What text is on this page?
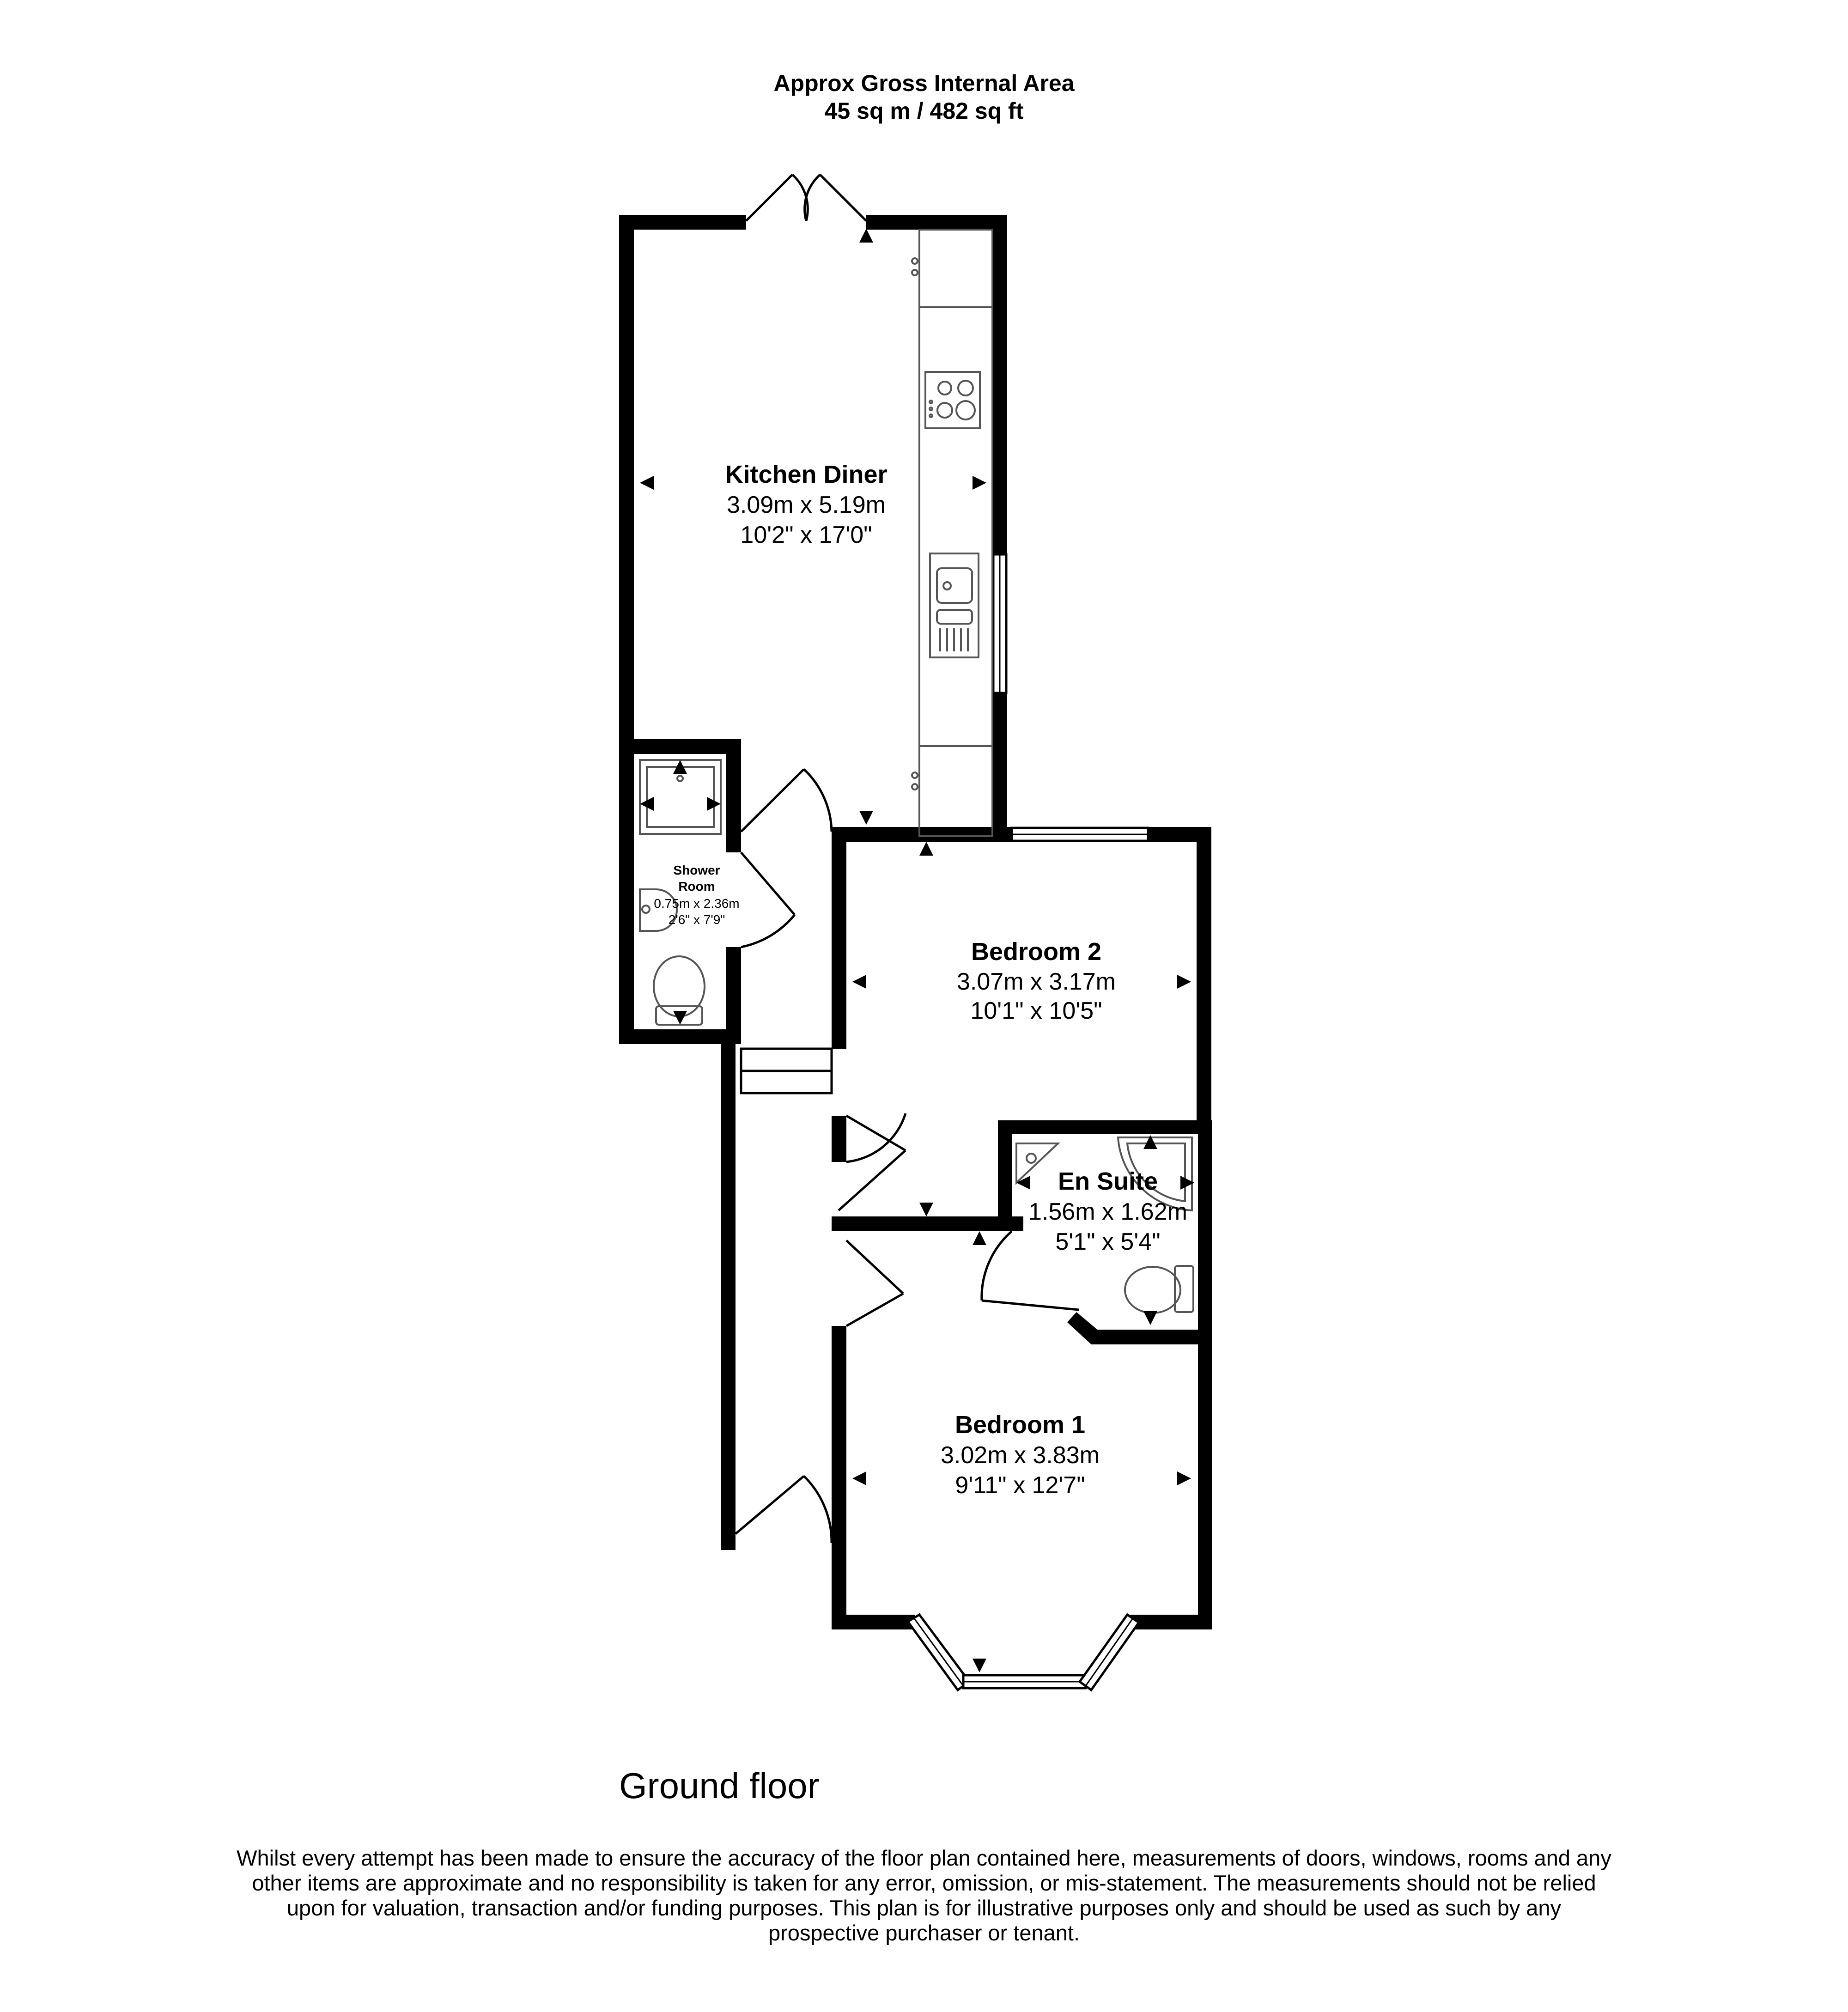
Approx Gross Internal Area
45 sq m / 482 sq ft
Kitchen Diner
3.09m x 5.19m
10'2" x 17'0"
Shower
Room
0.75m x 2.36m
2'6" x 7'9"
Bedroom 2
3.07m x 3.17m
10'1" x 10'5"
En Suite
1.56m x 1.62m
5'1" x 5'4"
Bedroom 1
3.02m x 3.83m
9'11" x 12'7"
Ground floor
Whilst every attempt has been made to ensure the accuracy of the floor plan contained here, measurements of doors, windows, rooms and any other items are approximate and no responsibility is taken for any error, omission, or mis-statement. The measurements should not be relied upon for valuation, transaction and/or funding purposes. This plan is for illustrative purposes only and should be used as such by any prospective purchaser or tenant.
